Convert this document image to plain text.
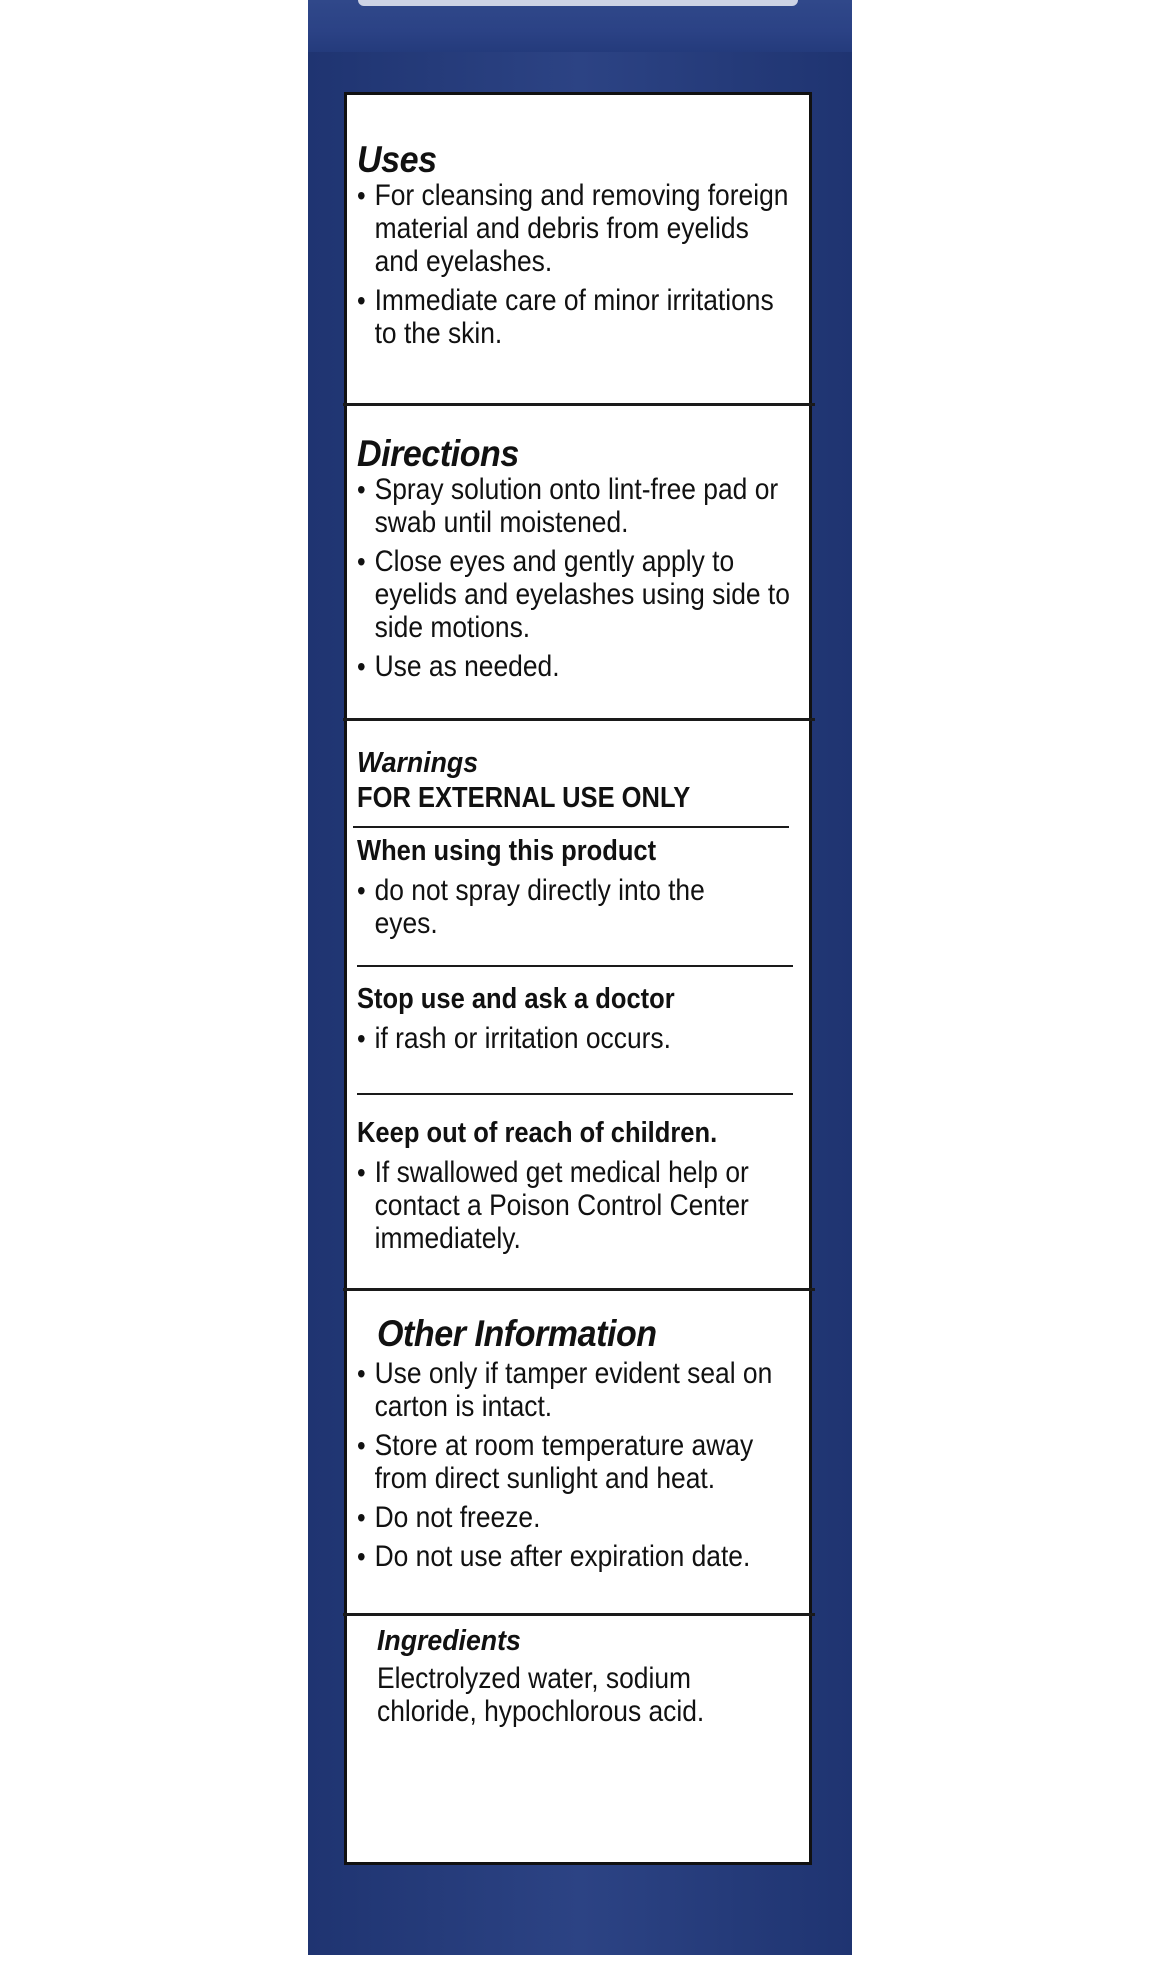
Uses
• For cleansing and removing foreign material and debris from eyelids and eyelashes.
• Immediate care of minor irritations to the skin.
Directions
• Spray solution onto lint-free pad or swab until moistened.
• Close eyes and gently apply to eyelids and eyelashes using side to side motions.
• Use as needed.
Warnings
FOR EXTERNAL USE ONLY
When using this product
• do not spray directly into the eyes.
Stop use and ask a doctor
• if rash or irritation occurs.
Keep out of reach of children.
• If swallowed get medical help or contact a Poison Control Center immediately.
Other Information
• Use only if tamper evident seal on carton is intact.
• Store at room temperature away from direct sunlight and heat.
• Do not freeze.
• Do not use after expiration date.
Ingredients
Electrolyzed water, sodium chloride, hypochlorous acid.
